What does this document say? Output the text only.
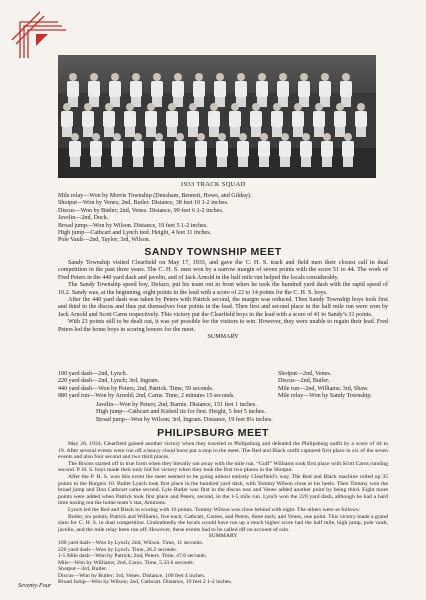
1933 TRACK SQUAD

Mile relay—Won by Morris Township (Densham, Bennett, Howe, and Gilday).

Shotput—Won by Venes; 2nd, Butler. Distance, 38 feet 10 1-2 inches.

Discus—Won by Butler; 2nd, Venes. Distance, 99 feet 6 1-2 inches.

Javelin—2nd, Duck.

Broad jump—Won by Wilson. Distance, 19 feet 5 1-2 inches.

High jump—Cathcart and Lynch tied. Height, 4 feet 11 inches.

Pole Vault—2nd, Taylor; 3rd, Wilson.

SANDY TOWNSHIP MEET

Sandy Township visited Clearfield on May 17, 1933, and gave the C. H. S. track and field men their closest call in dual competition in the past three years. The C. H. S. men won by a narrow margin of seven points with the score 51 to 44. The work of Fred Peters in the 440 yard dash and javelin, and of Jack Arnold in the half mile run helped the locals considerably.

The Sandy Township speed boy, Defazo, put his team out in front when he took the hundred yard dash with the rapid speed of 10.2. Sandy was, at the beginning, eight points in the lead with a score of 22 to 14 points for the C. H. S. boys.

After the 440 yard dash was taken by Peters with Patrick second, the margin was reduced. Then Sandy Township boys took first and third in the discus and thus put themselves four points in the lead. Then first and second place in the half mile run were won by Jack Arnold and Scott Carns respectively. This victory put the Clearfield boys in the lead with a score of 41 to Sandy’s 31 points.

With 23 points still to be dealt out, it was yet possible for the visitors to win. However, they were unable to regain their lead. Fred Peters led the home boys in scoring honors for the meet.

SUMMARY

100 yard dash—2nd, Lynch.

220 yard dash—2nd, Lynch; 3rd, Ingram.

440 yard dash—Won by Peters; 2nd, Patrick. Time, 59 seconds.

880 yard run—Won by Arnold; 2nd, Carns. Time, 2 minutes 15 seconds.

Shotput—2nd, Venes.

Discus—2nd, Butler.

Mile run—2nd, Williams; 3rd, Shaw.

Mile relay—Won by Sandy Township.

Javelin—Won by Peters; 2nd, Barnie. Distance, 151 feet 1 inches.

High jump—Cathcart and Kisheil tie for first. Height, 5 feet 5 inches.

Broad jump—Won by Wilson; 3rd, Ingram. Distance, 19 feet 8¼ inches.

PHILIPSBURG MEET

May 20, 1933, Clearfield gained another victory when they traveled to Philipsburg and defeated the Philipsburg outfit by a score of 44 to 19. After several events were run off a heavy cloud burst put a stop to the meet. The Red and Black outfit captured first place in six of the seven events and also four second and two third places.

The Bisons started off in true form when they literally ran away with the mile run. “Guff” Williams took first place with Scott Carns running second. P. H. S. boys made their only bid for victory when they took the first two places in the Shotput.

After the P. H. S. won this event the meet seemed to be going almost entirely Clearfield’s way. The Red and Black machine rolled up 35 points to the Burgers 10. Bullet Lynch took first place in the hundred yard dash, with Tommy Wilson close at his heels. Then Tommy won the broad jump and Don Cathcart came second. Lyle Butler was first in the discus toss and Venes added another point by being third. Eight more points were added when Patrick took first place and Peters, second, in the 1-5 mile run. Lynch won the 220 yard dash, although he had a hard time nosing out the home team’s star, Ammons.

Lynch led the Red and Black in scoring with 10 points. Tommy Wilson was close behind with eight. The others were as follows:

Butler, six points; Patrick and Williams, five each; Cathcart, Carnes, and Peters, three each; and Venes, one point. This victory made a grand slam for C. H. S. in dual competition. Undoubtedly the locals would have run up a much higher score had the half mile, high jump, pole vault, javelin, and the mile relay been run off. However, these events had to be called off on account of rain.

SUMMARY

100 yard dash—Won by Lynch; 2nd, Wilson. Time, 11 seconds.

220 yard dash—Won by Lynch. Time, 26.2 seconds.

1-5 Mile dash—Won by Patrick; 2nd, Peters. Time, 47.6 seconds.

Mile—Won by Williams; 2nd, Carns. Time, 5.33.6 seconds.

Shotput—3rd, Butler.

Discus—Won by Butler; 3rd, Venes. Distance, 100 feet 4 inches.

Broad Jump—Won by Wilson; 2nd, Cathcart. Distance, 19 feet 2 1-2 inches.

Seventy-Four
